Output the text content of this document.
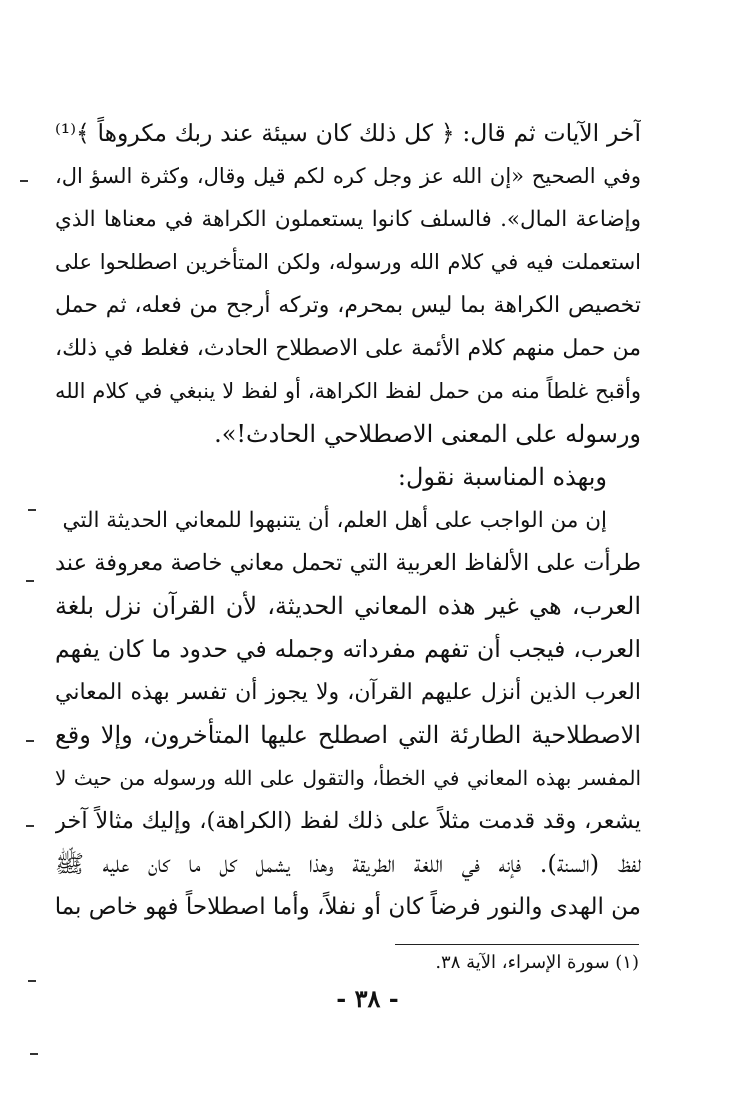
آخر الآيات ثم قال: ﴿ كل ذلك كان سيئة عند ربك مكروهاً ﴾⁽¹⁾
وفي الصحيح «إن الله عز وجل كره لكم قيل وقال، وكثرة السؤ ال،
وإضاعة المال». فالسلف كانوا يستعملون الكراهة في معناها الذي
استعملت فيه في كلام الله ورسوله، ولكن المتأخرين اصطلحوا على
تخصيص الكراهة بما ليس بمحرم، وتركه أرجح من فعله، ثم حمل
من حمل منهم كلام الأئمة على الاصطلاح الحادث، فغلط في ذلك،
وأقبح غلطاً منه من حمل لفظ الكراهة، أو لفظ لا ينبغي في كلام الله
ورسوله على المعنى الاصطلاحي الحادث!».
وبهذه المناسبة نقول:
إن من الواجب على أهل العلم، أن يتنبهوا للمعاني الحديثة التي
طرأت على الألفاظ العربية التي تحمل معاني خاصة معروفة عند
العرب، هي غير هذه المعاني الحديثة، لأن القرآن نزل بلغة
العرب، فيجب أن تفهم مفرداته وجمله في حدود ما كان يفهم
العرب الذين أنزل عليهم القرآن، ولا يجوز أن تفسر بهذه المعاني
الاصطلاحية الطارئة التي اصطلح عليها المتأخرون، وإلا وقع
المفسر بهذه المعاني في الخطأ، والتقول على الله ورسوله من حيث لا
يشعر، وقد قدمت مثلاً على ذلك لفظ (الكراهة)، وإليك مثالاً آخر
لفظ (السنة). فإنه في اللغة الطريقة وهذا يشمل كل ما كان عليه ﷺ
من الهدى والنور فرضاً كان أو نفلاً، وأما اصطلاحاً فهو خاص بما
(١) سورة الإسراء، الآية ٣٨.
- ٣٨ -
